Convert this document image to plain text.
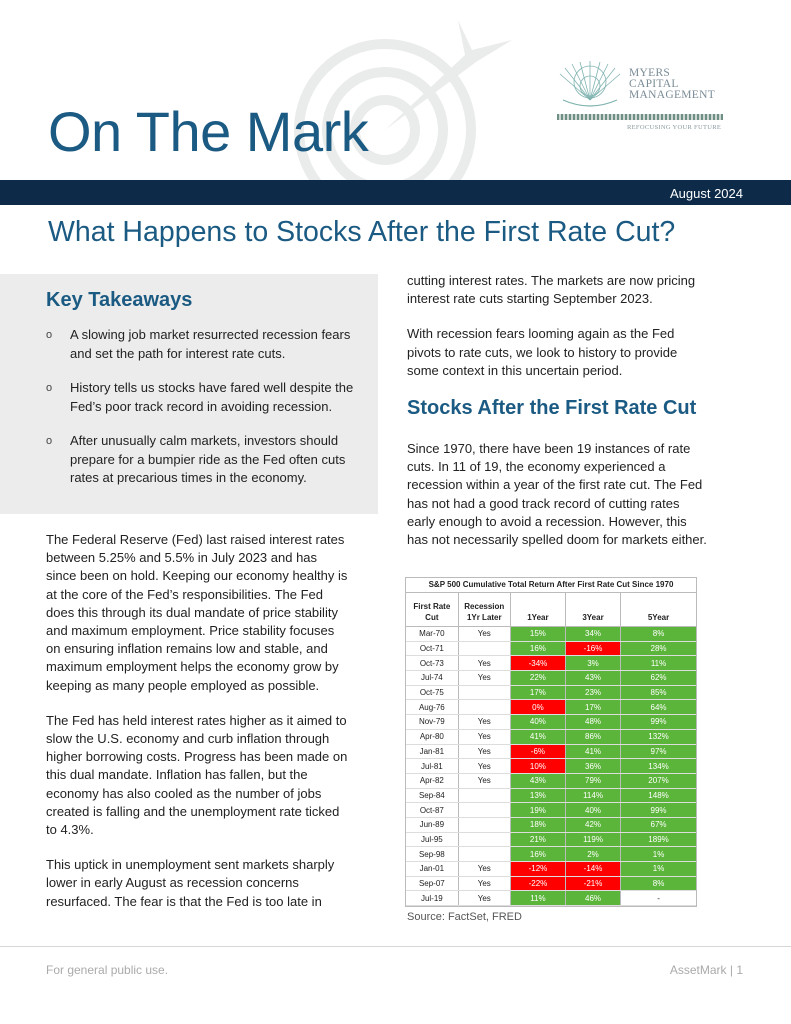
On The Mark
MYERS
CAPITAL
MANAGEMENT
REFOCUSING YOUR FUTURE
August 2024
What Happens to Stocks After the First Rate Cut?
Key Takeaways
o A slowing job market resurrected recession fears and set the path for interest rate cuts.
o History tells us stocks have fared well despite the Fed’s poor track record in avoiding recession.
o After unusually calm markets, investors should prepare for a bumpier ride as the Fed often cuts rates at precarious times in the economy.

The Federal Reserve (Fed) last raised interest rates between 5.25% and 5.5% in July 2023 and has since been on hold. Keeping our economy healthy is at the core of the Fed’s responsibilities. The Fed does this through its dual mandate of price stability and maximum employment. Price stability focuses on ensuring inflation remains low and stable, and maximum employment helps the economy grow by keeping as many people employed as possible.

The Fed has held interest rates higher as it aimed to slow the U.S. economy and curb inflation through higher borrowing costs. Progress has been made on this dual mandate. Inflation has fallen, but the economy has also cooled as the number of jobs created is falling and the unemployment rate ticked to 4.3%.

This uptick in unemployment sent markets sharply lower in early August as recession concerns resurfaced. The fear is that the Fed is too late in

cutting interest rates. The markets are now pricing interest rate cuts starting September 2023.

With recession fears looming again as the Fed pivots to rate cuts, we look to history to provide some context in this uncertain period.

Stocks After the First Rate Cut

Since 1970, there have been 19 instances of rate cuts. In 11 of 19, the economy experienced a recession within a year of the first rate cut. The Fed has not had a good track record of cutting rates early enough to avoid a recession. However, this has not necessarily spelled doom for markets either.

S&P 500 Cumulative Total Return After First Rate Cut Since 1970
First Rate Cut	Recession 1Yr Later	1Year	3Year	5Year
Mar-70	Yes	15%	34%	8%
Oct-71		16%	-16%	28%
Oct-73	Yes	-34%	3%	11%
Jul-74	Yes	22%	43%	62%
Oct-75		17%	23%	85%
Aug-76		0%	17%	64%
Nov-79	Yes	40%	48%	99%
Apr-80	Yes	41%	86%	132%
Jan-81	Yes	-6%	41%	97%
Jul-81	Yes	10%	36%	134%
Apr-82	Yes	43%	79%	207%
Sep-84		13%	114%	148%
Oct-87		19%	40%	99%
Jun-89		18%	42%	67%
Jul-95		21%	119%	189%
Sep-98		16%	2%	1%
Jan-01	Yes	-12%	-14%	1%
Sep-07	Yes	-22%	-21%	8%
Jul-19	Yes	11%	46%	-
Source: FactSet, FRED
For general public use.	AssetMark | 1
